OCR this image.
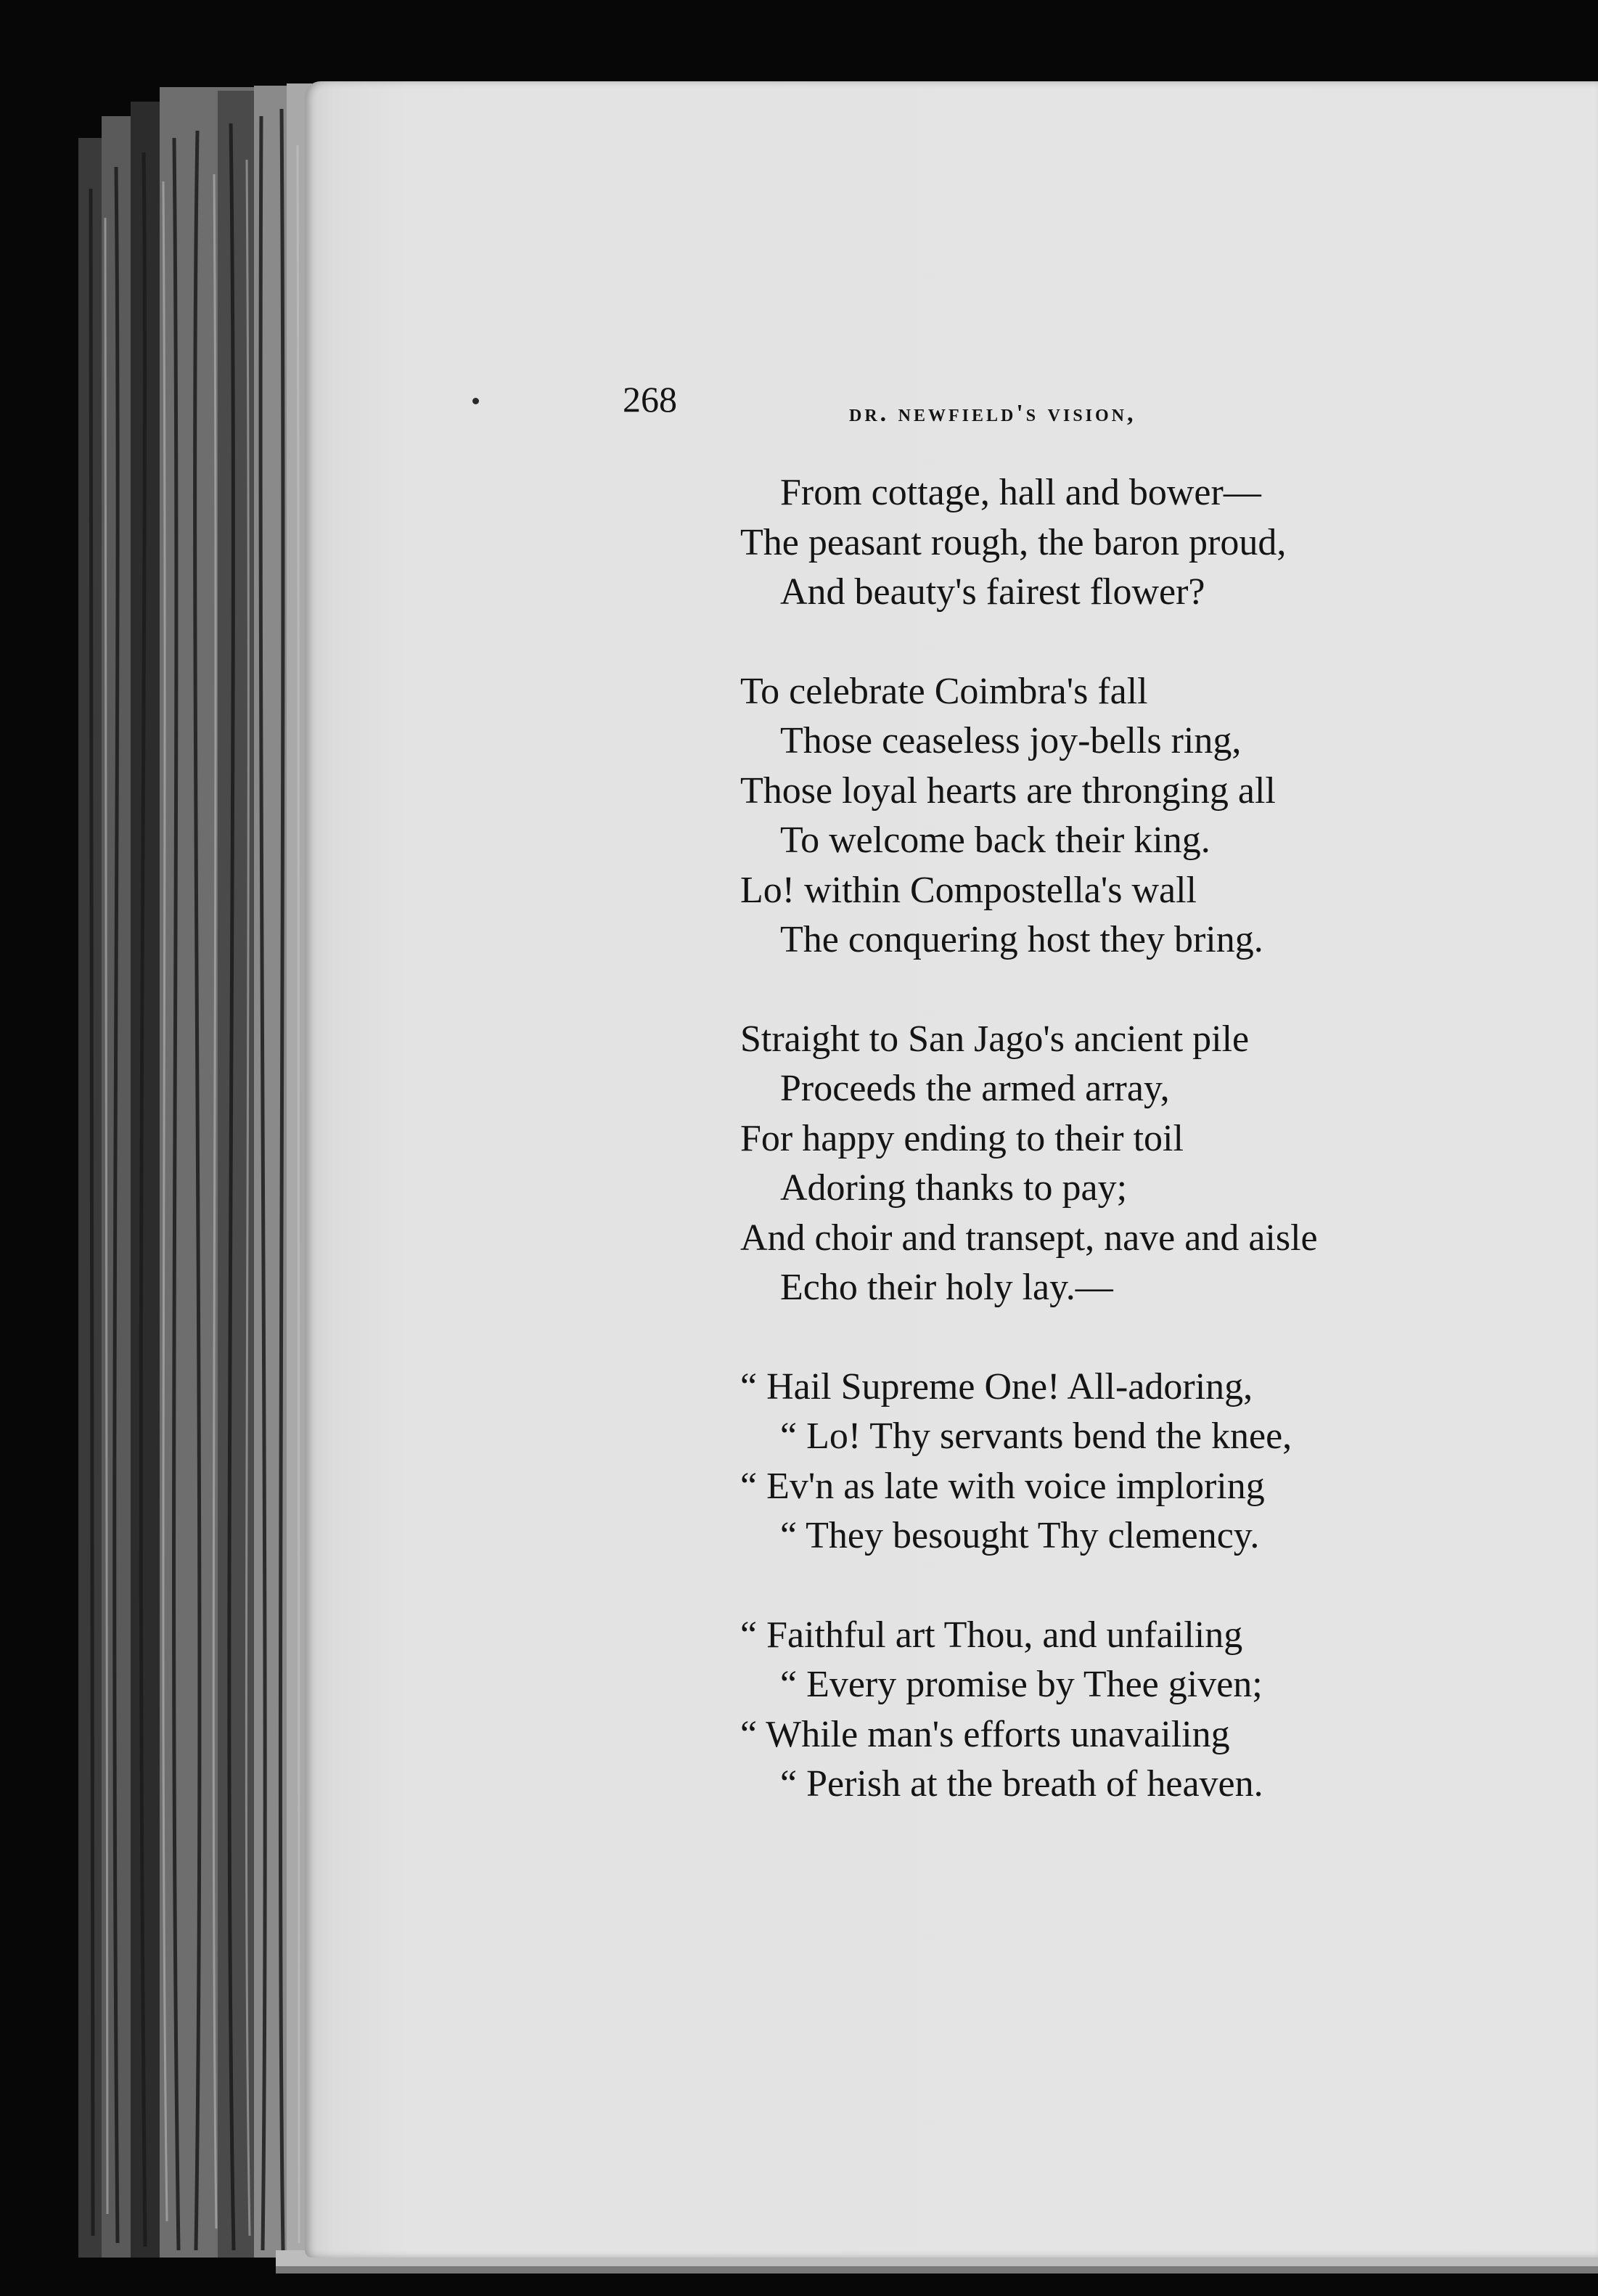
268	dr. newfield's vision,
From cottage, hall and bower—
The peasant rough, the baron proud,
And beauty's fairest flower?
To celebrate Coimbra's fall
Those ceaseless joy-bells ring,
Those loyal hearts are thronging all
To welcome back their king.
Lo! within Compostella's wall
The conquering host they bring.
Straight to San Jago's ancient pile
Proceeds the armed array,
For happy ending to their toil
Adoring thanks to pay;
And choir and transept, nave and aisle
Echo their holy lay.—
“ Hail Supreme One! All-adoring,
“ Lo! Thy servants bend the knee,
“ Ev'n as late with voice imploring
“ They besought Thy clemency.
“ Faithful art Thou, and unfailing
“ Every promise by Thee given;
“ While man's efforts unavailing
“ Perish at the breath of heaven.
